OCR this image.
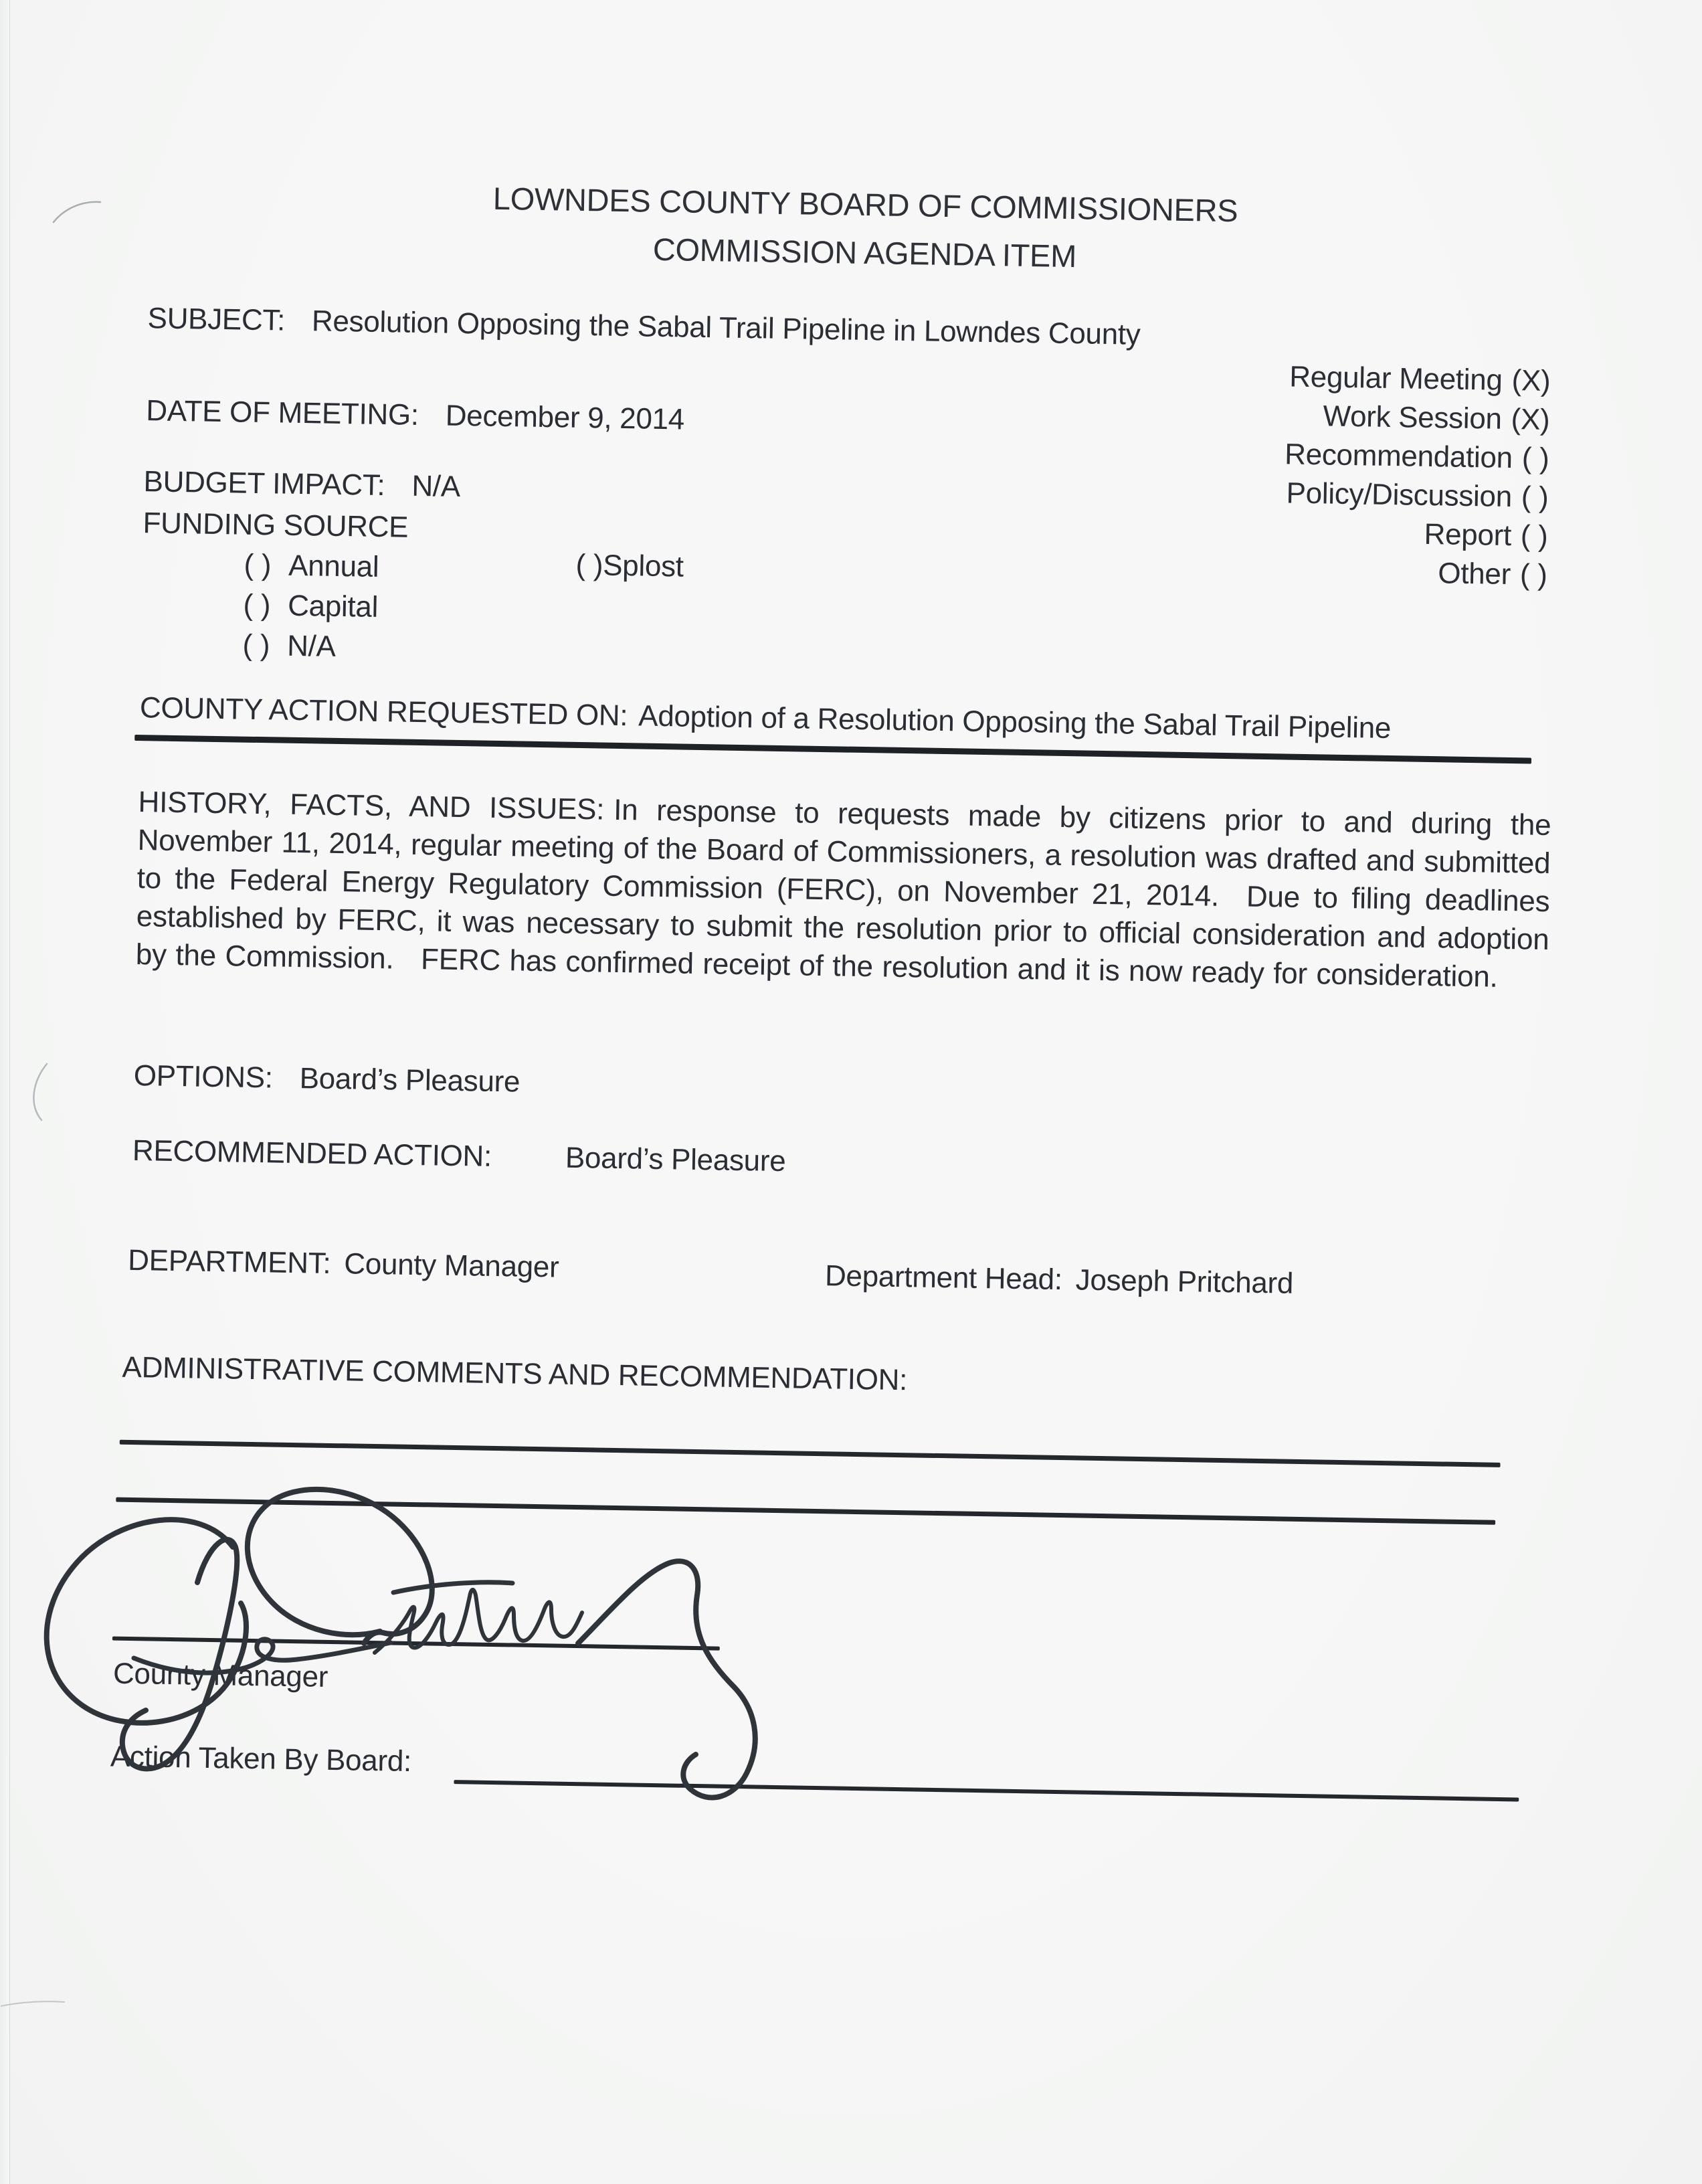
LOWNDES COUNTY BOARD OF COMMISSIONERS
COMMISSION AGENDA ITEM
SUBJECT: Resolution Opposing the Sabal Trail Pipeline in Lowndes County
Regular Meeting (X)
Work Session (X)
Recommendation ( )
Policy/Discussion ( )
Report ( )
Other ( )
DATE OF MEETING: December 9, 2014
BUDGET IMPACT: N/A
FUNDING SOURCE
( ) Annual	( )Splost
( ) Capital
( ) N/A
COUNTY ACTION REQUESTED ON: Adoption of a Resolution Opposing the Sabal Trail Pipeline
HISTORY, FACTS, AND ISSUES: In response to requests made by citizens prior to and during the November 11, 2014, regular meeting of the Board of Commissioners, a resolution was drafted and submitted to the Federal Energy Regulatory Commission (FERC), on November 21, 2014.  Due to filing deadlines established by FERC, it was necessary to submit the resolution prior to official consideration and adoption by the Commission.   FERC has confirmed receipt of the resolution and it is now ready for consideration.
OPTIONS: Board’s Pleasure
RECOMMENDED ACTION: Board’s Pleasure
DEPARTMENT: County Manager	Department Head: Joseph Pritchard
ADMINISTRATIVE COMMENTS AND RECOMMENDATION:
County Manager
Action Taken By Board:
